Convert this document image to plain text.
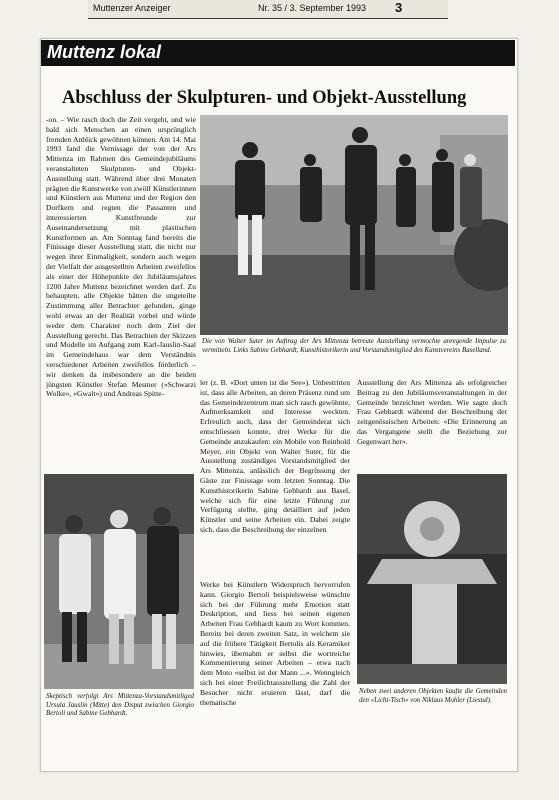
Muttenzer Anzeiger	Nr. 35 / 3. September 1993 3
Muttenz lokal
Abschluss der Skulpturen- und Objekt-Ausstellung
-on. – Wie rasch doch die Zeit vergeht, und wie bald sich Menschen an einen ursprünglich fremden Anblick gewöhnen können. Am 14. Mai 1993 fand die Vernissage der von der Ars Mittenza im Rahmen des Gemeindejubiläums veranstalteten Skulpturen- und Objekt-Ausstellung statt. Während über drei Monaten prägten die Kunstwerke von zwölf Künstlerinnen und Künstlern aus Muttenz und der Region den Dorfkern und regten die Passanten und interessierten Kunstfreunde zur Auseinandersetzung mit plastischen Kunstformen an. Am Sonntag fand bereits die Finissage dieser Ausstellung statt, die nicht nur wegen ihrer Einmaligkeit, sondern auch wegen der Vielfalt der ausgestellten Arbeiten zweifellos als einer der Höhepunkte der Jubiläumsjahres 1200 Jahre Muttenz bezeichnet werden darf. Zu behaupten, alle Objekte hätten die ungeteilte Zustimmung aller Betrachter gefunden, ginge wohl etwas an der Realität vorbei und würde weder dem Charakter noch dem Ziel der Ausstellung gerecht. Das Betrachten der Skizzen und Modelle im Aufgang zum Karl-Jauslin-Saal im Gemeindehaus war dem Verständnis verschiedener Arbeiten zweifellos förderlich – wir denken da insbesondere an die beiden jüngsten Künstler Stefan Mesmer («Schwarzi Wolke», «Gwalt») und Andreas Spitte-
Die von Walter Suter im Auftrag der Ars Mittenza betreute Ausstellung vermochte anregende Impulse zu vermitteln. Links Sabine Gebhardt, Kunsthistorikerin und Vorstandsmitglied des Kunstvereins Baselland.
ler (z. B. «Dort unten ist die See»). Unbestritten ist, dass alle Arbeiten, an deren Präsenz rund um das Gemeindezentrum man sich rasch gewöhnte, Aufmerksamkeit und Interesse weckten. Erfreulich auch, dass der Gemeinderat sich entschliessen konnte, drei Werke für die Gemeinde anzukaufen: ein Mobile von Reinhold Meyer, ein Objekt von Walter Suter, für die Ausstellung zuständiges Vorstandsmitglied der Ars Mittenza, anlässlich der Begrüssung der Gäste zur Finissage vom letzten Sonntag. Die Kunsthistorikerin Sabine Gebhardt aus Basel, welche sich für eine letzte Führung zur Verfügung stellte, ging detailliert auf jeden Künstler und seine Arbeiten ein. Dabei zeigte sich, dass die Beschreibung der einzelnen
Ausstellung der Ars Mittenza als erfolgreicher Beitrag zu den Jubiläumsveranstaltungen in der Gemeinde bezeichnet werden. Wie sagte doch Frau Gebhardt während der Beschreibung der zeitgenössischen Arbeiten: «Die Erinnerung an das Vergangene stellt die Beziehung zur Gegenwart her».
Skeptisch verfolgt Ars Mittenza-Vorstandsmitliged Ursula Jauslin (Mitte) den Disput zwischen Giorgio Bertoli und Sabine Gebhardt.
Werke bei Künstlern Widerspruch hervorrufen kann. Giorgio Bertoli beispielsweise wünschte sich bei der Führung mehr Emotion statt Deskription, und liess bei seinen eigenen Arbeiten Frau Gebhardt kaum zu Wort kommen. Bereits bei deren zweiten Satz, in welchem sie auf die frühere Tätigkeit Bertolis als Keramiker hinwies, übernahm er selbst die wortreiche Kommentierung seiner Arbeiten – etwa nach dem Moto «selbst ist der Mann ...». Wenngleich sich bei einer Freilichtausstellung die Zahl der Besucher nicht eruieren lässt, darf die thematische
Neben zwei anderen Objekten kaufte die Gemeinden den «Licht-Tisch» von Niklaus Mohler (Liestal).
